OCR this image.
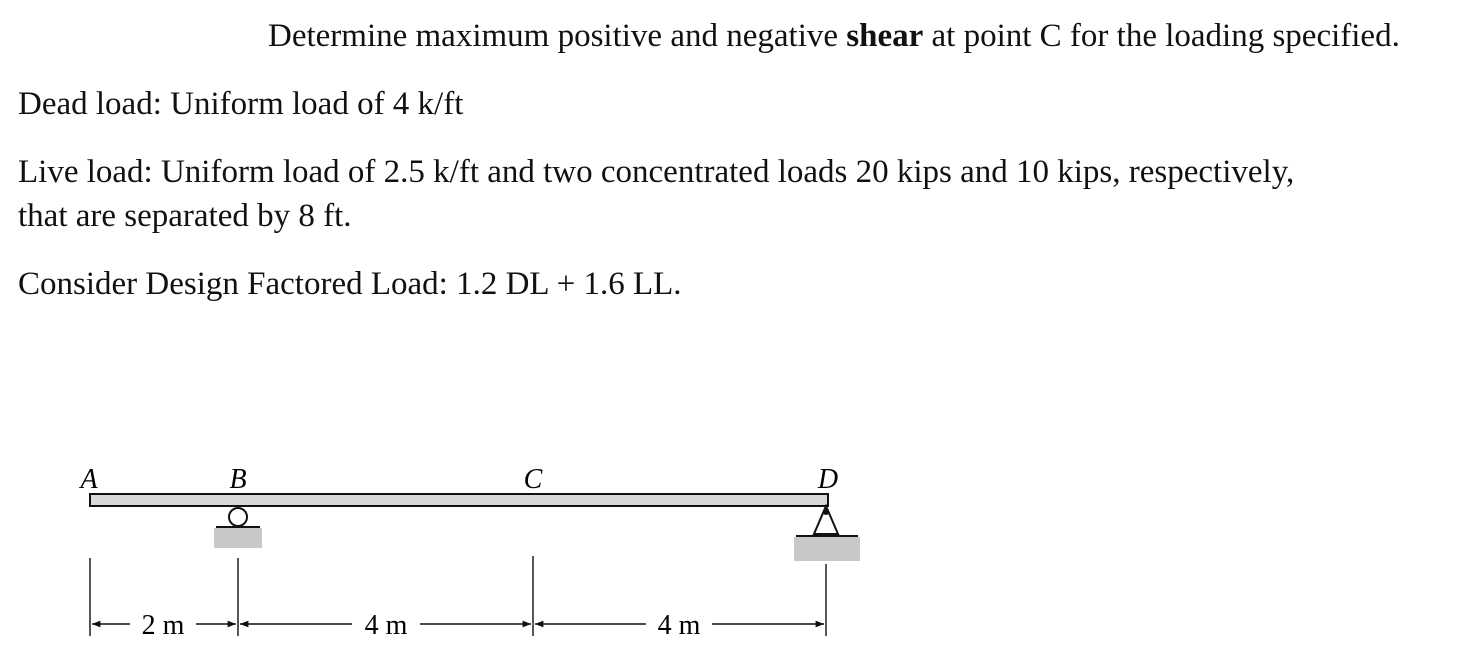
Determine maximum positive and negative shear at point C for the loading specified.

Dead load: Uniform load of 4 k/ft

Live load: Uniform load of 2.5 k/ft and two concentrated loads 20 kips and 10 kips, respectively,
that are separated by 8 ft.

Consider Design Factored Load: 1.2 DL + 1.6 LL.

A	B	C	D
2 m	4 m	4 m
